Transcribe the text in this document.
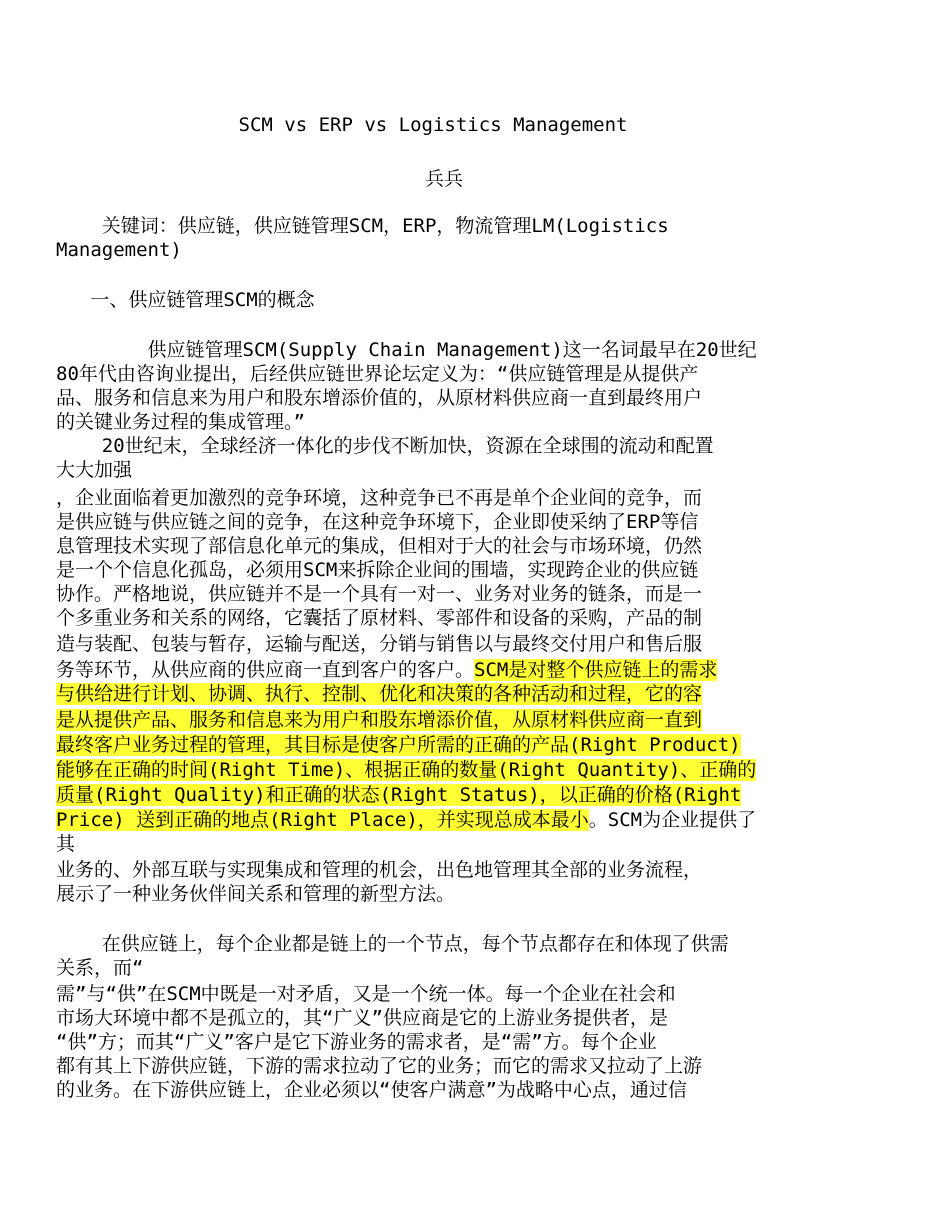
SCM vs ERP vs Logistics Management
兵兵
关键词：供应链，供应链管理SCM，ERP，物流管理LM(Logistics
Management)
一、供应链管理SCM的概念
供应链管理SCM(Supply Chain Management)这一名词最早在20世纪
80年代由咨询业提出，后经供应链世界论坛定义为：“供应链管理是从提供产
品、服务和信息来为用户和股东增添价值的，从原材料供应商一直到最终用户
的关键业务过程的集成管理。”
20世纪末，全球经济一体化的步伐不断加快，资源在全球围的流动和配置
大大加强
，企业面临着更加激烈的竞争环境，这种竞争已不再是单个企业间的竞争，而
是供应链与供应链之间的竞争，在这种竞争环境下，企业即使采纳了ERP等信
息管理技术实现了部信息化单元的集成，但相对于大的社会与市场环境，仍然
是一个个信息化孤岛，必须用SCM来拆除企业间的围墙，实现跨企业的供应链
协作。严格地说，供应链并不是一个具有一对一、业务对业务的链条，而是一
个多重业务和关系的网络，它囊括了原材料、零部件和设备的采购，产品的制
造与装配、包装与暂存，运输与配送，分销与销售以与最终交付用户和售后服
务等环节，从供应商的供应商一直到客户的客户。SCM是对整个供应链上的需求
与供给进行计划、协调、执行、控制、优化和决策的各种活动和过程，它的容
是从提供产品、服务和信息来为用户和股东增添价值，从原材料供应商一直到
最终客户业务过程的管理，其目标是使客户所需的正确的产品(Right Product)
能够在正确的时间(Right Time)、根据正确的数量(Right Quantity)、正确的
质量(Right Quality)和正确的状态(Right Status)，以正确的价格(Right
Price) 送到正确的地点(Right Place)，并实现总成本最小。SCM为企业提供了
其
业务的、外部互联与实现集成和管理的机会，出色地管理其全部的业务流程，
展示了一种业务伙伴间关系和管理的新型方法。
在供应链上，每个企业都是链上的一个节点，每个节点都存在和体现了供需
关系，而“
需”与“供”在SCM中既是一对矛盾，又是一个统一体。每一个企业在社会和
市场大环境中都不是孤立的，其“广义”供应商是它的上游业务提供者，是
“供”方；而其“广义”客户是它下游业务的需求者，是“需”方。每个企业
都有其上下游供应链，下游的需求拉动了它的业务；而它的需求又拉动了上游
的业务。在下游供应链上，企业必须以“使客户满意”为战略中心点，通过信
